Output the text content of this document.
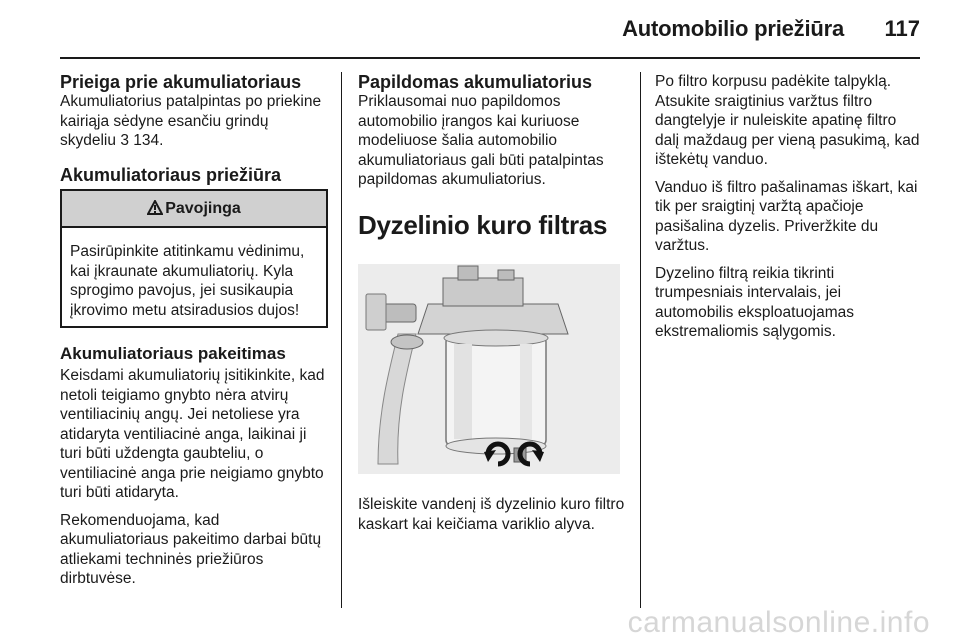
Automobilio priežiūra 117
Prieiga prie akumuliatoriaus

Akumuliatorius patalpintas po priekine kairiąja sėdyne esančiu grindų skydeliu 3 134.

Akumuliatoriaus priežiūra
Pavojinga
Pasirūpinkite atitinkamu vėdinimu, kai įkraunate akumuliatorių. Kyla sprogimo pavojus, jei susikaupia įkrovimo metu atsiradusios dujos!
Akumuliatoriaus pakeitimas

Keisdami akumuliatorių įsitikinkite, kad netoli teigiamo gnybto nėra atvirų ventiliacinių angų. Jei netoliese yra atidaryta ventiliacinė anga, laikinai ji turi būti uždengta gaubteliu, o ventiliacinė anga prie neigiamo gnybto turi būti atidaryta.

Rekomenduojama, kad akumuliatoriaus pakeitimo darbai būtų atliekami techninės priežiūros dirbtuvėse.

Papildomas akumuliatorius

Priklausomai nuo papildomos automobilio įrangos kai kuriuose modeliuose šalia automobilio akumuliatoriaus gali būti patalpintas papildomas akumuliatorius.

Dyzelinio kuro filtras

Išleiskite vandenį iš dyzelinio kuro filtro kaskart kai keičiama variklio alyva.

Po filtro korpusu padėkite talpyklą. Atsukite sraigtinius varžtus filtro dangtelyje ir nuleiskite apatinę filtro dalį maždaug per vieną pasukimą, kad ištekėtų vanduo.

Vanduo iš filtro pašalinamas iškart, kai tik per sraigtinį varžtą apačioje pasišalina dyzelis. Priveržkite du varžtus.

Dyzelino filtrą reikia tikrinti trumpesniais intervalais, jei automobilis eksploatuojamas ekstremaliomis sąlygomis.

carmanualsonline.info
